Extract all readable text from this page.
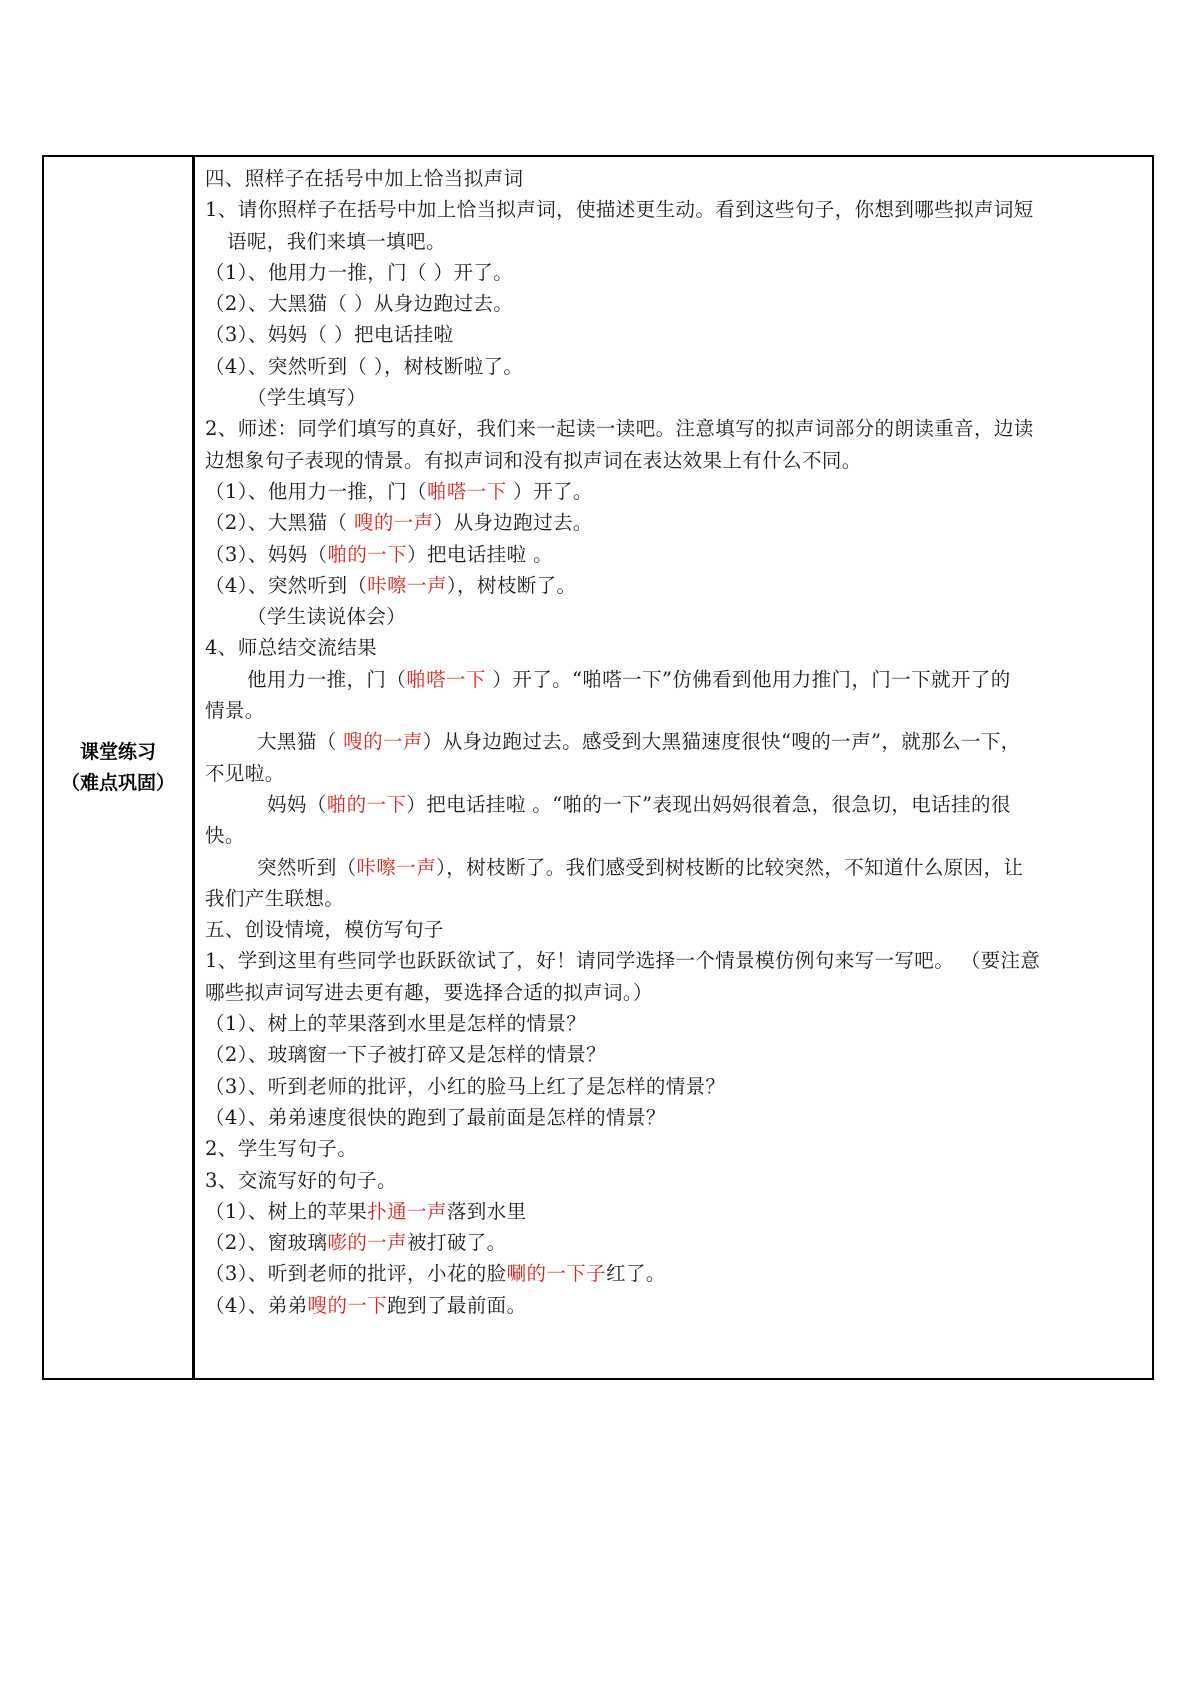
课堂练习
（难点巩固）
四、照样子在括号中加上恰当拟声词
1、请你照样子在括号中加上恰当拟声词，使描述更生动。看到这些句子，你想到哪些拟声词短
语呢，我们来填一填吧。
（1）、他用力一推，门（ ）开了。
（2）、大黑猫（ ）从身边跑过去。
（3）、妈妈（ ）把电话挂啦
（4）、突然听到（ ），树枝断啦了。
（学生填写）
2、师述：同学们填写的真好，我们来一起读一读吧。注意填写的拟声词部分的朗读重音，边读
边想象句子表现的情景。有拟声词和没有拟声词在表达效果上有什么不同。
（1）、他用力一推，门（啪嗒一下 ）开了。
（2）、大黑猫（ 嗖的一声）从身边跑过去。
（3）、妈妈（啪的一下）把电话挂啦 。
（4）、突然听到（咔嚓一声），树枝断了。
（学生读说体会）
4、师总结交流结果
他用力一推，门（啪嗒一下 ）开了。“啪嗒一下”仿佛看到他用力推门，门一下就开了的
情景。
大黑猫（ 嗖的一声）从身边跑过去。感受到大黑猫速度很快“嗖的一声”，就那么一下，
不见啦。
妈妈（啪的一下）把电话挂啦 。“啪的一下”表现出妈妈很着急，很急切，电话挂的很
快。
突然听到（咔嚓一声），树枝断了。我们感受到树枝断的比较突然，不知道什么原因，让
我们产生联想。
五、创设情境，模仿写句子
1、学到这里有些同学也跃跃欲试了，好！请同学选择一个情景模仿例句来写一写吧。 （要注意
哪些拟声词写进去更有趣，要选择合适的拟声词。）
（1）、树上的苹果落到水里是怎样的情景？
（2）、玻璃窗一下子被打碎又是怎样的情景？
（3）、听到老师的批评，小红的脸马上红了是怎样的情景？
（4）、弟弟速度很快的跑到了最前面是怎样的情景？
2、学生写句子。
3、交流写好的句子。
（1）、树上的苹果扑通一声落到水里
（2）、窗玻璃嘭的一声被打破了。
（3）、听到老师的批评，小花的脸唰的一下子红了。
（4）、弟弟嗖的一下跑到了最前面。
